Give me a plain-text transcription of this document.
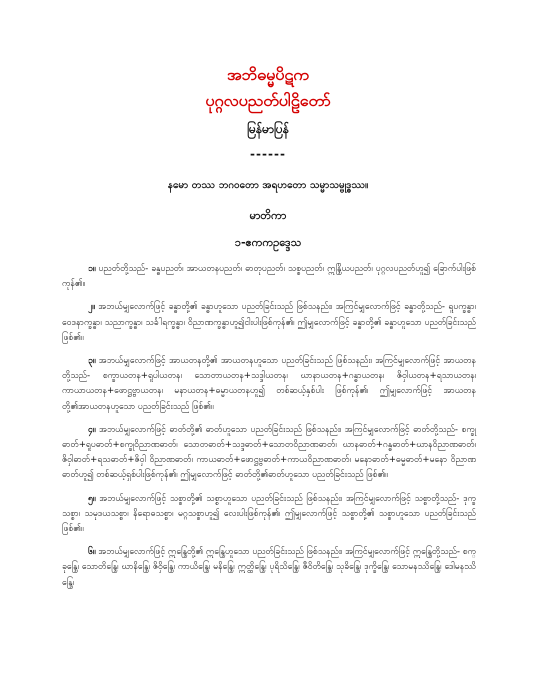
အဘိဓမ္မပိဋက
ပုဂ္ဂလပညတ်ပါဠိတော်
မြန်မာပြန်
------
နမော တဿ ဘဂဝတော အရဟတော သမ္မာသမ္ဗုဒ္ဓဿ။
မာတိကာ
၁-ဧကကဥဒ္ဒေသ

၁။ ပညတ်တို့သည်- ခန္ဓပညတ်၊ အာယတနပညတ်၊ ဓာတုပညတ်၊ သစ္စပညတ်၊ ဣန္ဒြိယပညတ်၊ ပုဂ္ဂလပညတ်ဟူ၍ ခြောက်ပါးဖြစ်ကုန်၏။

၂။ အဘယ်မျှလောက်ဖြင့် ခန္ဓာတို့၏ ခန္ဓာဟူသော ပညတ်ခြင်းသည် ဖြစ်သနည်း၊ အကြင်မျှလောက်ဖြင့် ခန္ဓာတို့သည်- ရူပက္ခန္ဓာ၊ ဝေဒနာက္ခန္ဓာ၊ သညာက္ခန္ဓာ၊ သင်္ခါရက္ခန္ဓာ၊ ဝိညာဏက္ခန္ဓာဟူ၍ငါးပါးဖြစ်ကုန်၏၊ ဤမျှလောက်ဖြင့် ခန္ဓာတို့၏ ခန္ဓာဟူသော ပညတ်ခြင်းသည် ဖြစ်၏။

၃။ အဘယ်မျှလောက်ဖြင့် အာယတနတို့၏ အာယတနဟူသော ပညတ်ခြင်းသည် ဖြစ်သနည်း၊ အကြင်မျှလောက်ဖြင့် အာယတနတို့သည်- စက္ခာယတန+ရူပါယတန၊ သောတာယတန+သဒ္ဒါယတန၊ ဃာနာယတန+ဂန္ဓာယတန၊ ဇိဝှါယတန+ရသာယတန၊ ကာယာယတန+ဖောဋ္ဌဗ္ဗာယတန၊ မနာယတန+ဓမ္မာယတနဟူ၍ တစ်ဆယ့်နှစ်ပါး ဖြစ်ကုန်၏၊ ဤမျှလောက်ဖြင့် အာယတနတို့၏အာယတနဟူသော ပညတ်ခြင်းသည် ဖြစ်၏။

၄။ အဘယ်မျှလောက်ဖြင့် ဓာတ်တို့၏ ဓာတ်ဟူသော ပညတ်ခြင်းသည် ဖြစ်သနည်း၊ အကြင်မျှလောက်ဖြင့် ဓာတ်တို့သည်- စက္ခုဓာတ်+ရူပဓာတ်+စက္ခုဝိညာဏဓာတ်၊ သောတဓာတ်+သဒ္ဒဓာတ်+သောတဝိညာဏဓာတ်၊ ဃာနဓာတ်+ဂန္ဓဓာတ်+ဃာနဝိညာဏဓာတ်၊ ဇိဝှါဓာတ်+ရသဓာတ်+ဇိဝှါ ဝိညာဏဓာတ်၊ ကာယဓာတ်+ဖောဋ္ဌဗ္ဗဓာတ်+ကာယဝိညာဏဓာတ်၊ မနောဓာတ်+ဓမ္မဓာတ်+မနော ဝိညာဏဓာတ်ဟူ၍ တစ်ဆယ့်ရှစ်ပါးဖြစ်ကုန်၏၊ ဤမျှလောက်ဖြင့် ဓာတ်တို့၏ဓာတ်ဟူသော ပညတ်ခြင်းသည် ဖြစ်၏။

၅။ အဘယ်မျှလောက်ဖြင့် သစ္စာတို့၏ သစ္စာဟူသော ပညတ်ခြင်းသည် ဖြစ်သနည်း၊ အကြင်မျှလောက်ဖြင့် သစ္စာတို့သည်- ဒုက္ခသစ္စာ၊ သမုဒယသစ္စာ၊ နိရောဓသစ္စာ၊ မဂ္ဂသစ္စာဟူ၍ လေးပါးဖြစ်ကုန်၏၊ ဤမျှလောက်ဖြင့် သစ္စာတို့၏ သစ္စာဟူသော ပညတ်ခြင်းသည် ဖြစ်၏။

၆။ အဘယ်မျှလောက်ဖြင့် ဣန္ဒြေတို့၏ ဣန္ဒြေဟူသော ပညတ်ခြင်းသည် ဖြစ်သနည်း၊ အကြင်မျှလောက်ဖြင့် ဣန္ဒြေတို့သည်- စက္ခုန္ဒြေ၊ သောတိန္ဒြေ၊ ဃာနိန္ဒြေ၊ ဇိဝှိန္ဒြေ၊ ကာယိန္ဒြေ၊ မနိန္ဒြေ၊ ဣတ္ထိန္ဒြေ၊ ပုရိသိန္ဒြေ၊ ဇီဝိတိန္ဒြေ၊ သုခိန္ဒြေ၊ ဒုက္ခိန္ဒြေ၊ သောမနဿိန္ဒြေ၊ ဒေါမနဿိန္ဒြေ၊
